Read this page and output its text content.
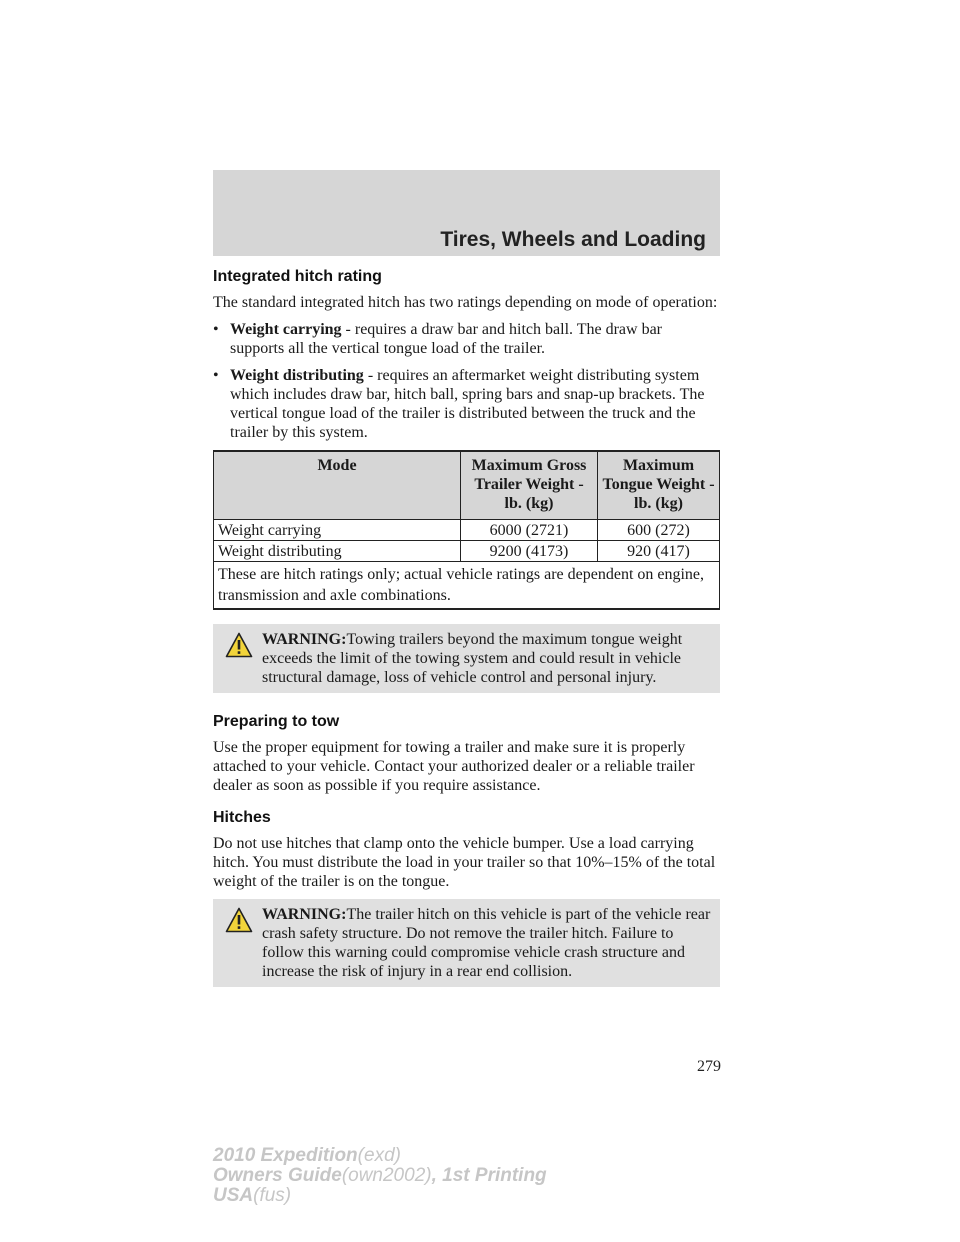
Tires, Wheels and Loading
Integrated hitch rating

The standard integrated hitch has two ratings depending on mode of operation:

• Weight carrying - requires a draw bar and hitch ball. The draw bar supports all the vertical tongue load of the trailer.
• Weight distributing - requires an aftermarket weight distributing system which includes draw bar, hitch ball, spring bars and snap-up brackets. The vertical tongue load of the trailer is distributed between the truck and the trailer by this system.
Mode	Maximum Gross Trailer Weight - lb. (kg)	Maximum Tongue Weight - lb. (kg)
Weight carrying	6000 (2721)	600 (272)
Weight distributing	9200 (4173)	920 (417)
These are hitch ratings only; actual vehicle ratings are dependent on engine, transmission and axle combinations.		
WARNING:Towing trailers beyond the maximum tongue weight exceeds the limit of the towing system and could result in vehicle structural damage, loss of vehicle control and personal injury.
Preparing to tow

Use the proper equipment for towing a trailer and make sure it is properly attached to your vehicle. Contact your authorized dealer or a reliable trailer dealer as soon as possible if you require assistance.

Hitches

Do not use hitches that clamp onto the vehicle bumper. Use a load carrying hitch. You must distribute the load in your trailer so that 10%–15% of the total weight of the trailer is on the tongue.

WARNING:The trailer hitch on this vehicle is part of the vehicle rear crash safety structure. Do not remove the trailer hitch. Failure to follow this warning could compromise vehicle crash structure and increase the risk of injury in a rear end collision.
279
2010 Expedition(exd)
Owners Guide(own2002), 1st Printing
USA(fus)
